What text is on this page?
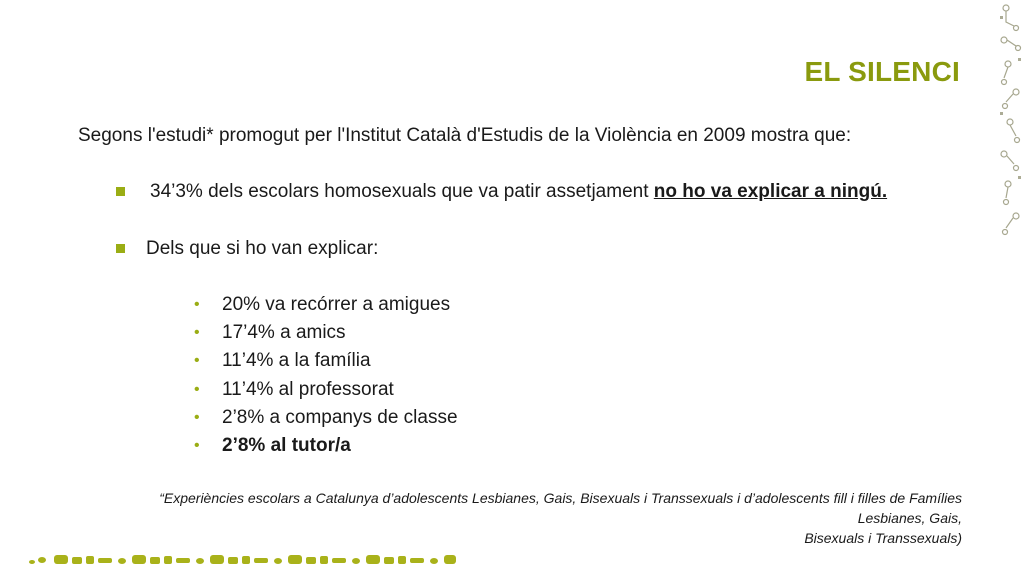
EL SILENCI
Segons l'estudi* promogut per l'Institut Català d'Estudis de la Violència en 2009 mostra que:
34’3% dels escolars homosexuals que va patir assetjament no ho va explicar a ningú.
Dels que si ho van explicar:
• 20% va recórrer a amigues
• 17’4% a amics
• 11’4% a la família
• 11’4% al professorat
• 2’8% a companys de classe
• 2’8% al tutor/a
“Experiències escolars a Catalunya d’adolescents Lesbianes, Gais, Bisexuals i Transsexuals i d’adolescents fill i filles de Famílies
Lesbianes, Gais,
Bisexuals i Transsexuals)
